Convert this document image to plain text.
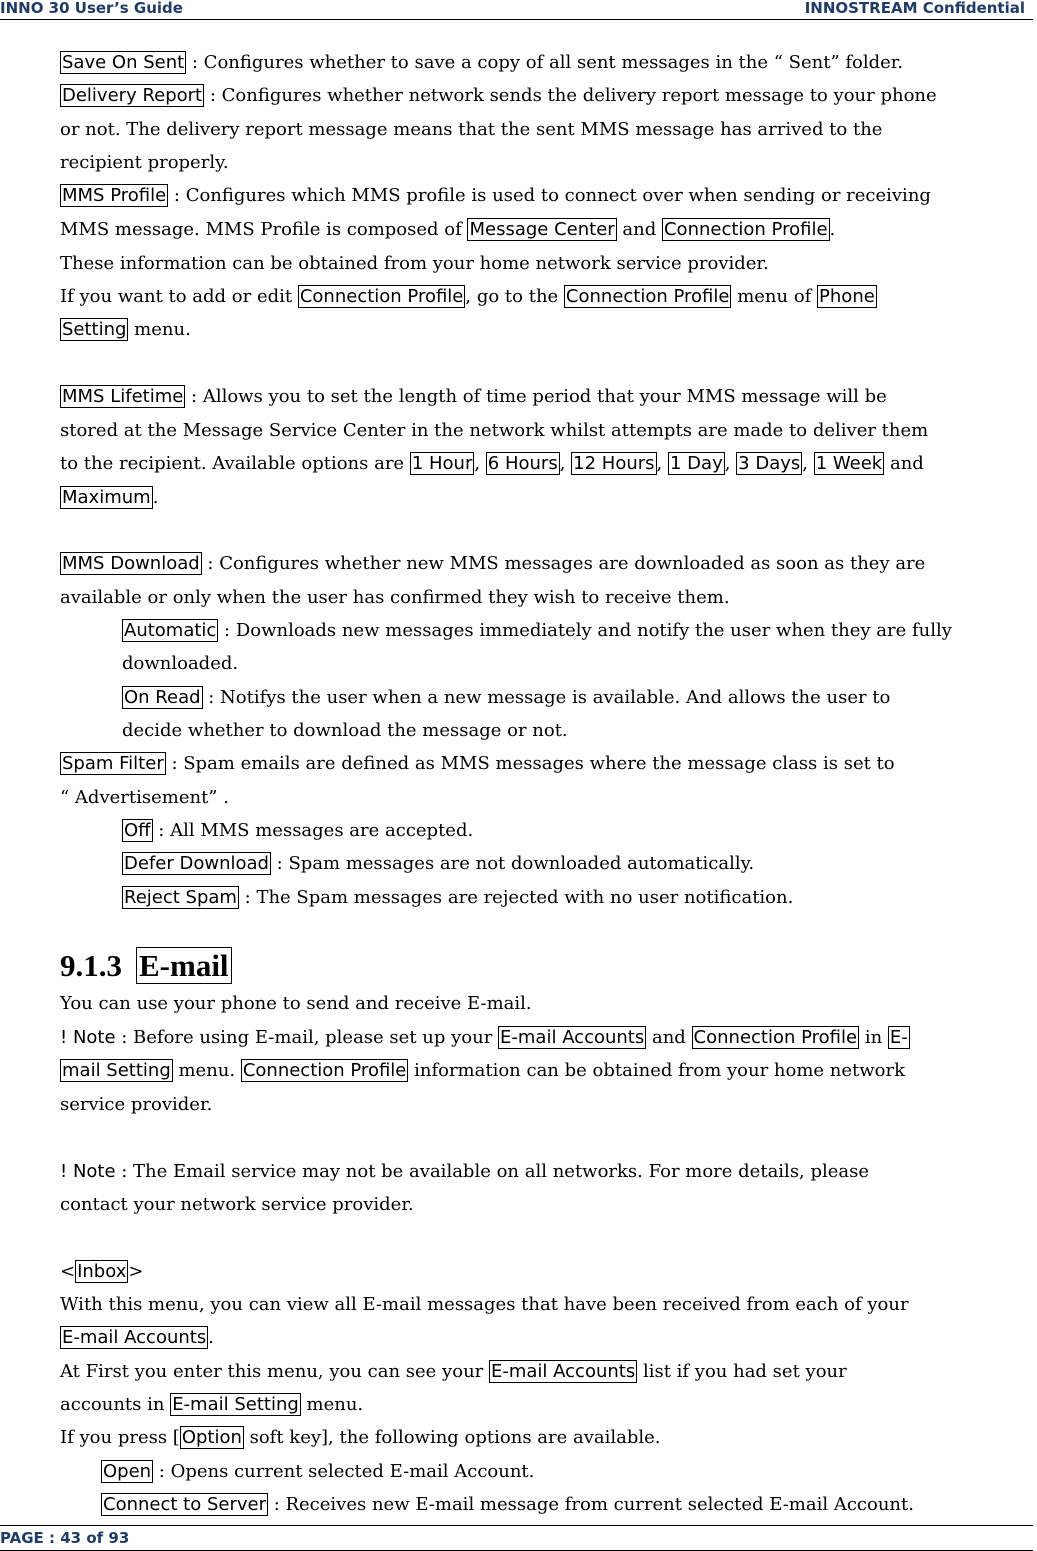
INNO 30 User’s Guide	INNOSTREAM Confidential
Save On Sent : Configures whether to save a copy of all sent messages in the “ Sent” folder.
Delivery Report : Configures whether network sends the delivery report message to your phone
or not. The delivery report message means that the sent MMS message has arrived to the
recipient properly.
MMS Profile : Configures which MMS profile is used to connect over when sending or receiving
MMS message. MMS Profile is composed of Message Center and Connection Profile .
These information can be obtained from your home network service provider.
If you want to add or edit Connection Profile , go to the Connection Profile menu of Phone
Setting menu.
MMS Lifetime : Allows you to set the length of time period that your MMS message will be
stored at the Message Service Center in the network whilst attempts are made to deliver them
to the recipient. Available options are 1 Hour , 6 Hours , 12 Hours , 1 Day , 3 Days , 1 Week and
Maximum .
MMS Download : Configures whether new MMS messages are downloaded as soon as they are
available or only when the user has confirmed they wish to receive them.
Automatic : Downloads new messages immediately and notify the user when they are fully
downloaded.
On Read : Notifys the user when a new message is available. And allows the user to
decide whether to download the message or not.
Spam Filter : Spam emails are defined as MMS messages where the message class is set to
“ Advertisement” .
Off : All MMS messages are accepted.
Defer Download : Spam messages are not downloaded automatically.
Reject Spam : The Spam messages are rejected with no user notification.
9.1.3 E-mail
You can use your phone to send and receive E-mail.
! Note : Before using E-mail, please set up your E-mail Accounts and Connection Profile in E-
mail Setting menu. Connection Profile information can be obtained from your home network
service provider.
! Note : The Email service may not be available on all networks. For more details, please
contact your network service provider.
< Inbox >
With this menu, you can view all E-mail messages that have been received from each of your
E-mail Accounts .
At First you enter this menu, you can see your E-mail Accounts list if you had set your
accounts in E-mail Setting menu.
If you press [ Option soft key], the following options are available.
Open : Opens current selected E-mail Account.
Connect to Server : Receives new E-mail message from current selected E-mail Account.
PAGE : 43 of 93
